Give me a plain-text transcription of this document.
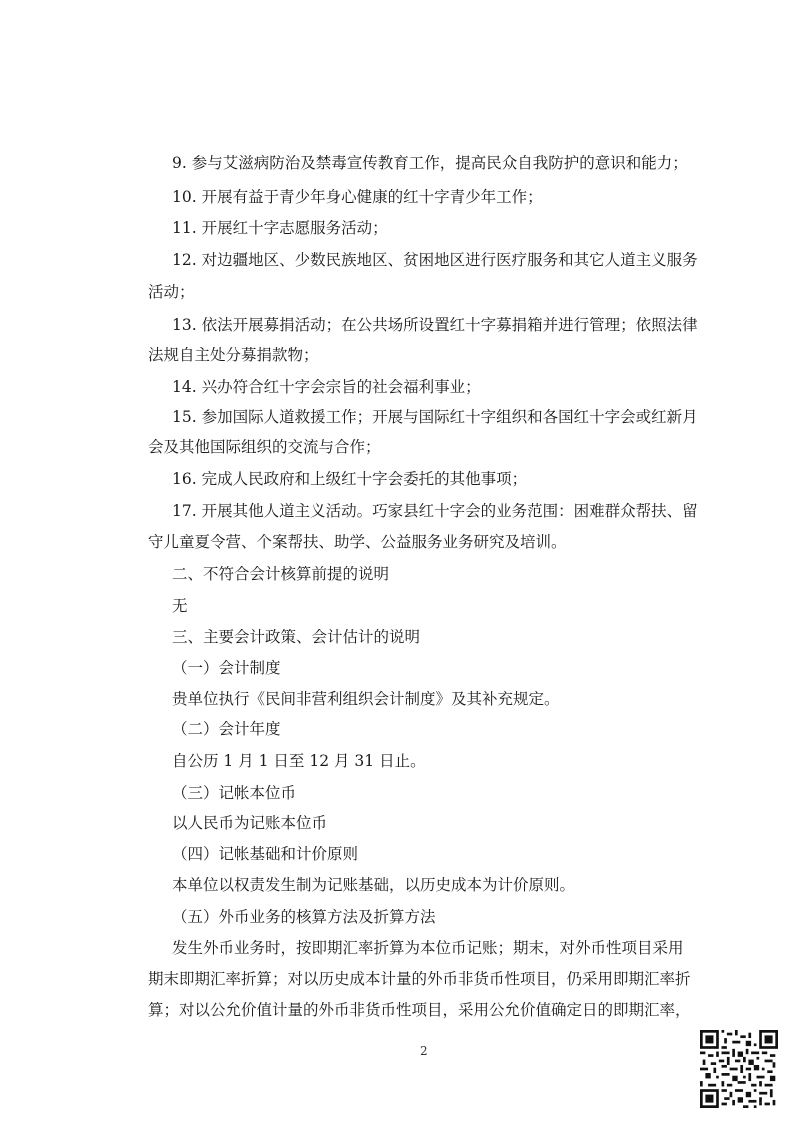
9. 参与艾滋病防治及禁毒宣传教育工作，提高民众自我防护的意识和能力；
10. 开展有益于青少年身心健康的红十字青少年工作；
11. 开展红十字志愿服务活动；
12. 对边疆地区、少数民族地区、贫困地区进行医疗服务和其它人道主义服务
活动；
13. 依法开展募捐活动；在公共场所设置红十字募捐箱并进行管理；依照法律
法规自主处分募捐款物；
14. 兴办符合红十字会宗旨的社会福利事业；
15. 参加国际人道救援工作；开展与国际红十字组织和各国红十字会或红新月
会及其他国际组织的交流与合作；
16. 完成人民政府和上级红十字会委托的其他事项；
17. 开展其他人道主义活动。巧家县红十字会的业务范围：困难群众帮扶、留
守儿童夏令营、个案帮扶、助学、公益服务业务研究及培训。
二、不符合会计核算前提的说明
无
三、主要会计政策、会计估计的说明
（一）会计制度
贵单位执行《民间非营利组织会计制度》及其补充规定。
（二）会计年度
自公历 1 月 1 日至 12 月 31 日止。
（三）记帐本位币
以人民币为记账本位币
（四）记帐基础和计价原则
本单位以权责发生制为记账基础，以历史成本为计价原则。
（五）外币业务的核算方法及折算方法
发生外币业务时，按即期汇率折算为本位币记账；期末，对外币性项目采用
期末即期汇率折算；对以历史成本计量的外币非货币性项目，仍采用即期汇率折
算；对以公允价值计量的外币非货币性项目，采用公允价值确定日的即期汇率，
2
